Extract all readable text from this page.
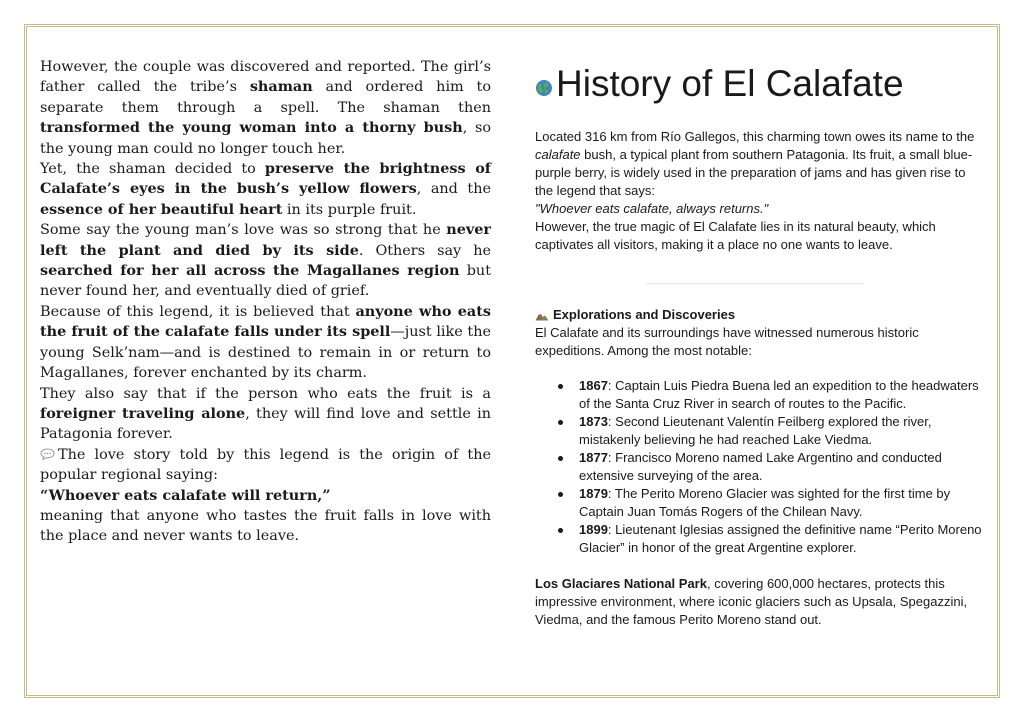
However, the couple was discovered and reported. The girl’s father called the tribe’s shaman and ordered him to separate them through a spell. The shaman then transformed the young woman into a thorny bush, so the young man could no longer touch her.

Yet, the shaman decided to preserve the brightness of Calafate’s eyes in the bush’s yellow flowers, and the essence of her beautiful heart in its purple fruit.

Some say the young man’s love was so strong that he never left the plant and died by its side. Others say he searched for her all across the Magallanes region but never found her, and eventually died of grief.

Because of this legend, it is believed that anyone who eats the fruit of the calafate falls under its spell—just like the young Selk’nam—and is destined to remain in or return to Magallanes, forever enchanted by its charm.

They also say that if the person who eats the fruit is a foreigner traveling alone, they will find love and settle in Patagonia forever.

The love story told by this legend is the origin of the popular regional saying:

“Whoever eats calafate will return,”

meaning that anyone who tastes the fruit falls in love with the place and never wants to leave.

History of El Calafate

Located 316 km from Río Gallegos, this charming town owes its name to the calafate bush, a typical plant from southern Patagonia. Its fruit, a small blue-purple berry, is widely used in the preparation of jams and has given rise to the legend that says:

"Whoever eats calafate, always returns."

However, the true magic of El Calafate lies in its natural beauty, which captivates all visitors, making it a place no one wants to leave.

Explorations and Discoveries
El Calafate and its surroundings have witnessed numerous historic expeditions. Among the most notable:
1867: Captain Luis Piedra Buena led an expedition to the headwaters of the Santa Cruz River in search of routes to the Pacific.
1873: Second Lieutenant Valentín Feilberg explored the river, mistakenly believing he had reached Lake Viedma.
1877: Francisco Moreno named Lake Argentino and conducted extensive surveying of the area.
1879: The Perito Moreno Glacier was sighted for the first time by Captain Juan Tomás Rogers of the Chilean Navy.
1899: Lieutenant Iglesias assigned the definitive name “Perito Moreno Glacier” in honor of the great Argentine explorer.
Los Glaciares National Park, covering 600,000 hectares, protects this impressive environment, where iconic glaciers such as Upsala, Spegazzini, Viedma, and the famous Perito Moreno stand out.
